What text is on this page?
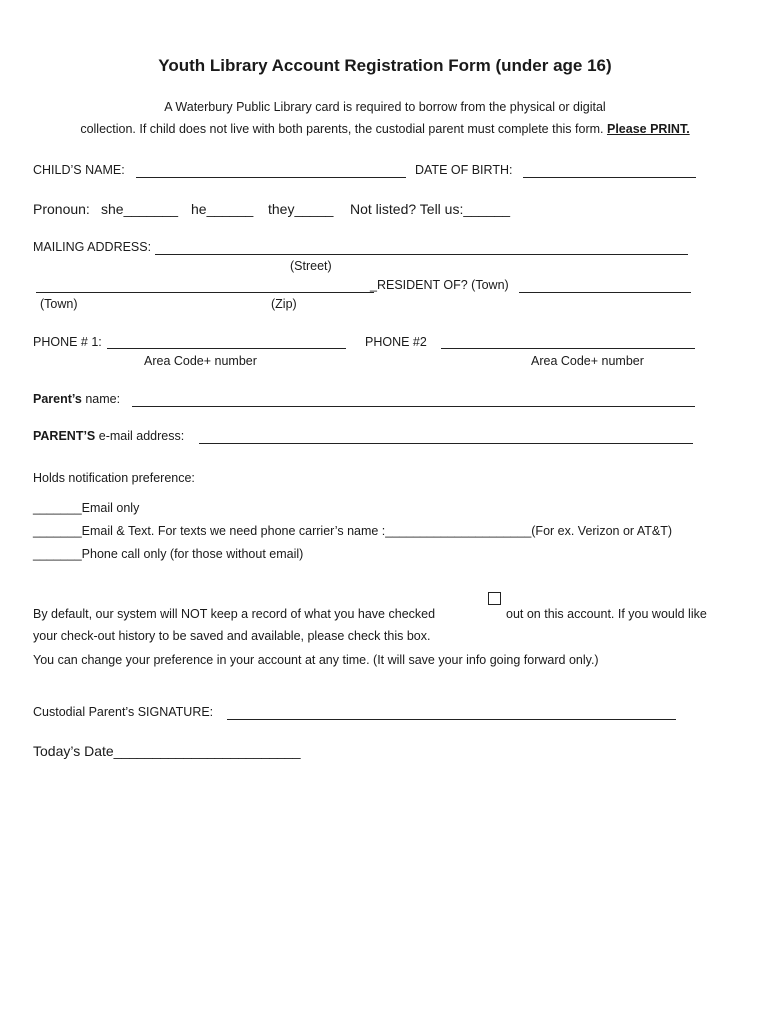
Youth Library Account Registration Form (under age 16)
A Waterbury Public Library card is required to borrow from the physical or digital
collection. If child does not live with both parents, the custodial parent must complete this form. Please PRINT.
CHILD’S NAME:	DATE OF BIRTH:
Pronoun: she_______ he______ they_____ Not listed? Tell us:______
MAILING ADDRESS:
(Street)
_RESIDENT OF? (Town)
(Town)	(Zip)
PHONE # 1:	PHONE #2
Area Code+ number	Area Code+ number
Parent’s name:
PARENT’S e-mail address:
Holds notification preference:
_______Email only
_______Email & Text. For texts we need phone carrier’s name :_____________________(For ex. Verizon or AT&T)
_______Phone call only (for those without email)
By default, our system will NOT keep a record of what you have checked	out on this account. If you would like
your check-out history to be saved and available, please check this box.
You can change your preference in your account at any time. (It will save your info going forward only.)
Custodial Parent’s SIGNATURE:
Today’s Date________________________
